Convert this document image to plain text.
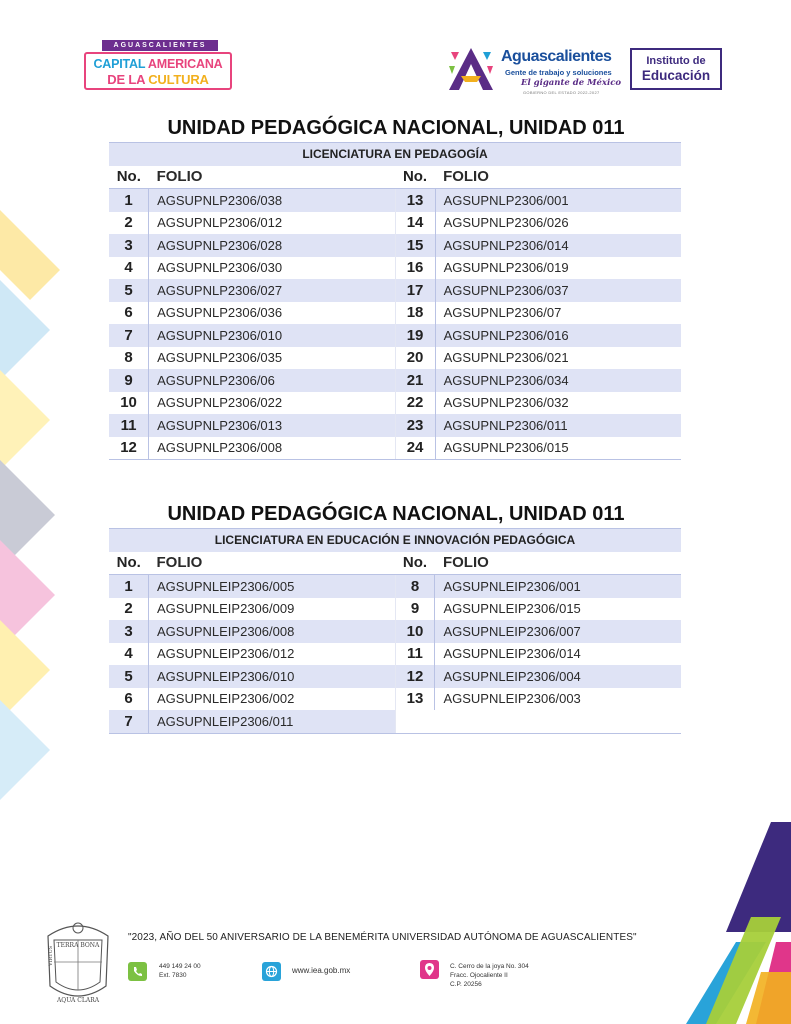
AGUASCALIENTES
CAPITAL AMERICANA
DE LA CULTURA
Aguascalientes
Gente de trabajo y soluciones
El gigante de México
GOBIERNO DEL ESTADO 2022-2027
Instituto de
Educación
UNIDAD PEDAGÓGICA NACIONAL, UNIDAD 011
LICENCIATURA EN PEDAGOGÍA			
No.	FOLIO	No.	FOLIO
1	AGSUPNLP2306/038	13	AGSUPNLP2306/001
2	AGSUPNLP2306/012	14	AGSUPNLP2306/026
3	AGSUPNLP2306/028	15	AGSUPNLP2306/014
4	AGSUPNLP2306/030	16	AGSUPNLP2306/019
5	AGSUPNLP2306/027	17	AGSUPNLP2306/037
6	AGSUPNLP2306/036	18	AGSUPNLP2306/07
7	AGSUPNLP2306/010	19	AGSUPNLP2306/016
8	AGSUPNLP2306/035	20	AGSUPNLP2306/021
9	AGSUPNLP2306/06	21	AGSUPNLP2306/034
10	AGSUPNLP2306/022	22	AGSUPNLP2306/032
11	AGSUPNLP2306/013	23	AGSUPNLP2306/011
12	AGSUPNLP2306/008	24	AGSUPNLP2306/015
UNIDAD PEDAGÓGICA NACIONAL, UNIDAD 011
LICENCIATURA EN EDUCACIÓN E INNOVACIÓN PEDAGÓGICA			
No.	FOLIO	No.	FOLIO
1	AGSUPNLEIP2306/005	8	AGSUPNLEIP2306/001
2	AGSUPNLEIP2306/009	9	AGSUPNLEIP2306/015
3	AGSUPNLEIP2306/008	10	AGSUPNLEIP2306/007
4	AGSUPNLEIP2306/012	11	AGSUPNLEIP2306/014
5	AGSUPNLEIP2306/010	12	AGSUPNLEIP2306/004
6	AGSUPNLEIP2306/002	13	AGSUPNLEIP2306/003
7	AGSUPNLEIP2306/011		
TERRA BONA
VIRTUS
AQUA CLARA
"2023, AÑO DEL 50 ANIVERSARIO DE LA BENEMÉRITA UNIVERSIDAD AUTÓNOMA DE AGUASCALIENTES"
449 149 24 00
Ext. 7830
www.iea.gob.mx	C. Cerro de la joya No. 304
Fracc. Ojocaliente II
C.P. 20256
